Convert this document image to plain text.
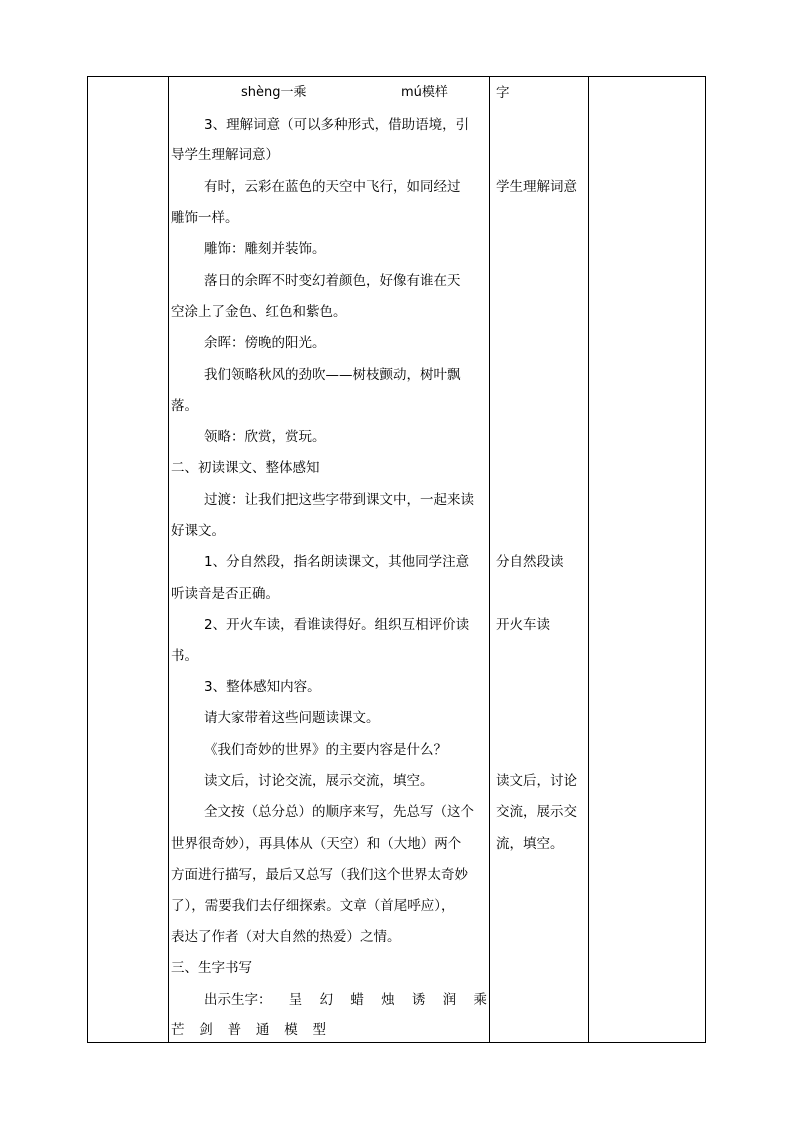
shèng一乘	mú模样
3、理解词意（可以多种形式，借助语境，引
导学生理解词意）
有时，云彩在蓝色的天空中飞行，如同经过
雕饰一样。
雕饰：雕刻并装饰。
落日的余晖不时变幻着颜色，好像有谁在天
空涂上了金色、红色和紫色。
余晖：傍晚的阳光。
我们领略秋风的劲吹——树枝颤动，树叶飘
落。
领略：欣赏，赏玩。
二、初读课文、整体感知
过渡：让我们把这些字带到课文中，一起来读
好课文。
1、分自然段，指名朗读课文，其他同学注意
听读音是否正确。
2、开火车读，看谁读得好。组织互相评价读
书。
3、整体感知内容。
请大家带着这些问题读课文。
《我们奇妙的世界》的主要内容是什么？
读文后，讨论交流，展示交流，填空。
全文按（总分总）的顺序来写，先总写（这个
世界很奇妙），再具体从（天空）和（大地）两个
方面进行描写，最后又总写（我们这个世界太奇妙
了），需要我们去仔细探索。文章（首尾呼应），
表达了作者（对大自然的热爱）之情。
三、生字书写
出示生字： 呈 幻 蜡 烛 诱 润 乘
芒 剑 普 通 模 型
字
学生理解词意
分自然段读
开火车读
读文后，讨论
交流，展示交
流，填空。
